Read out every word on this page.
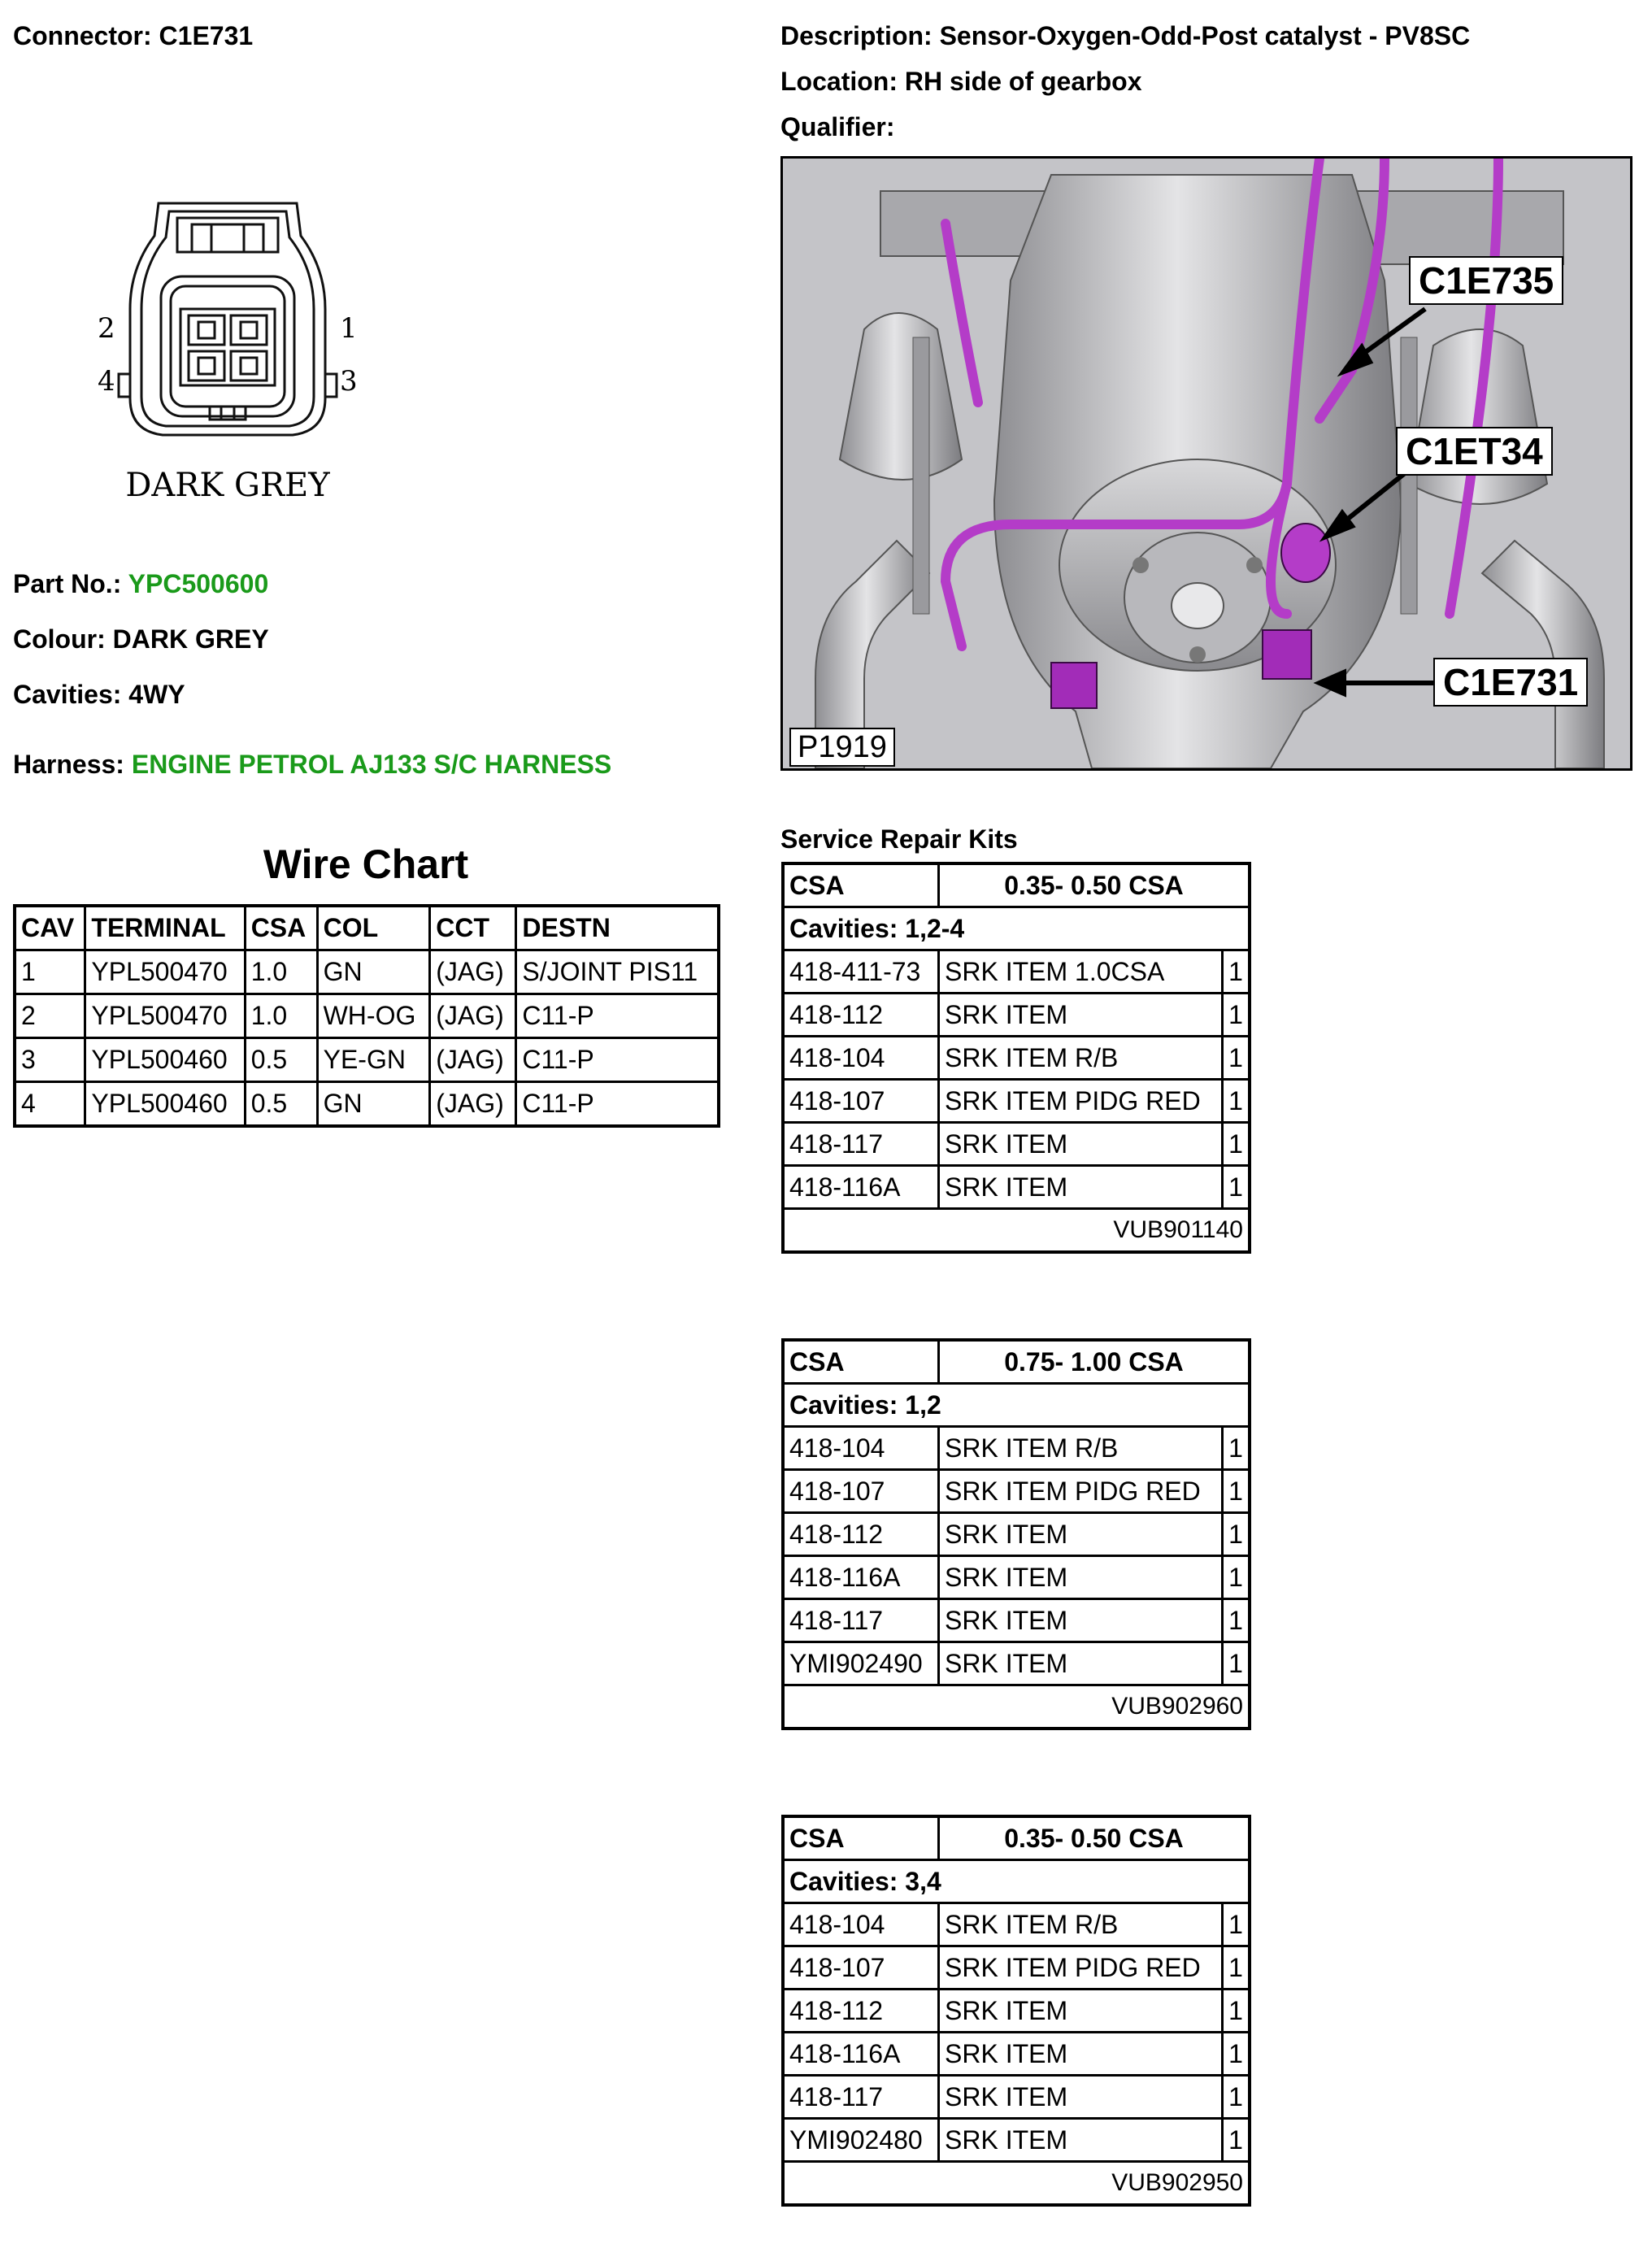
Connector: C1E731	Description: Sensor-Oxygen-Odd-Post catalyst - PV8SC
Location: RH side of gearbox
Qualifier:
2	1
4	3
DARK GREY
Part No.: YPC500600
Colour: DARK GREY
Cavities: 4WY
Harness: ENGINE PETROL AJ133 S/C HARNESS
C1E735
C1ET34
C1E731
P1919
Wire Chart
CAV	TERMINAL	CSA	COL	CCT	DESTN
1	YPL500470	1.0	GN	(JAG)	S/JOINT PIS11
2	YPL500470	1.0	WH-OG	(JAG)	C11-P
3	YPL500460	0.5	YE-GN	(JAG)	C11-P
4	YPL500460	0.5	GN	(JAG)	C11-P
Service Repair Kits
CSA	0.35- 0.50 CSA	
Cavities: 1,2-4		
418-411-73	SRK ITEM 1.0CSA	1
418-112	SRK ITEM	1
418-104	SRK ITEM R/B	1
418-107	SRK ITEM PIDG RED	1
418-117	SRK ITEM	1
418-116A	SRK ITEM	1
VUB901140		
CSA	0.75- 1.00 CSA	
Cavities: 1,2		
418-104	SRK ITEM R/B	1
418-107	SRK ITEM PIDG RED	1
418-112	SRK ITEM	1
418-116A	SRK ITEM	1
418-117	SRK ITEM	1
YMI902490	SRK ITEM	1
VUB902960		
CSA	0.35- 0.50 CSA	
Cavities: 3,4		
418-104	SRK ITEM R/B	1
418-107	SRK ITEM PIDG RED	1
418-112	SRK ITEM	1
418-116A	SRK ITEM	1
418-117	SRK ITEM	1
YMI902480	SRK ITEM	1
VUB902950		
